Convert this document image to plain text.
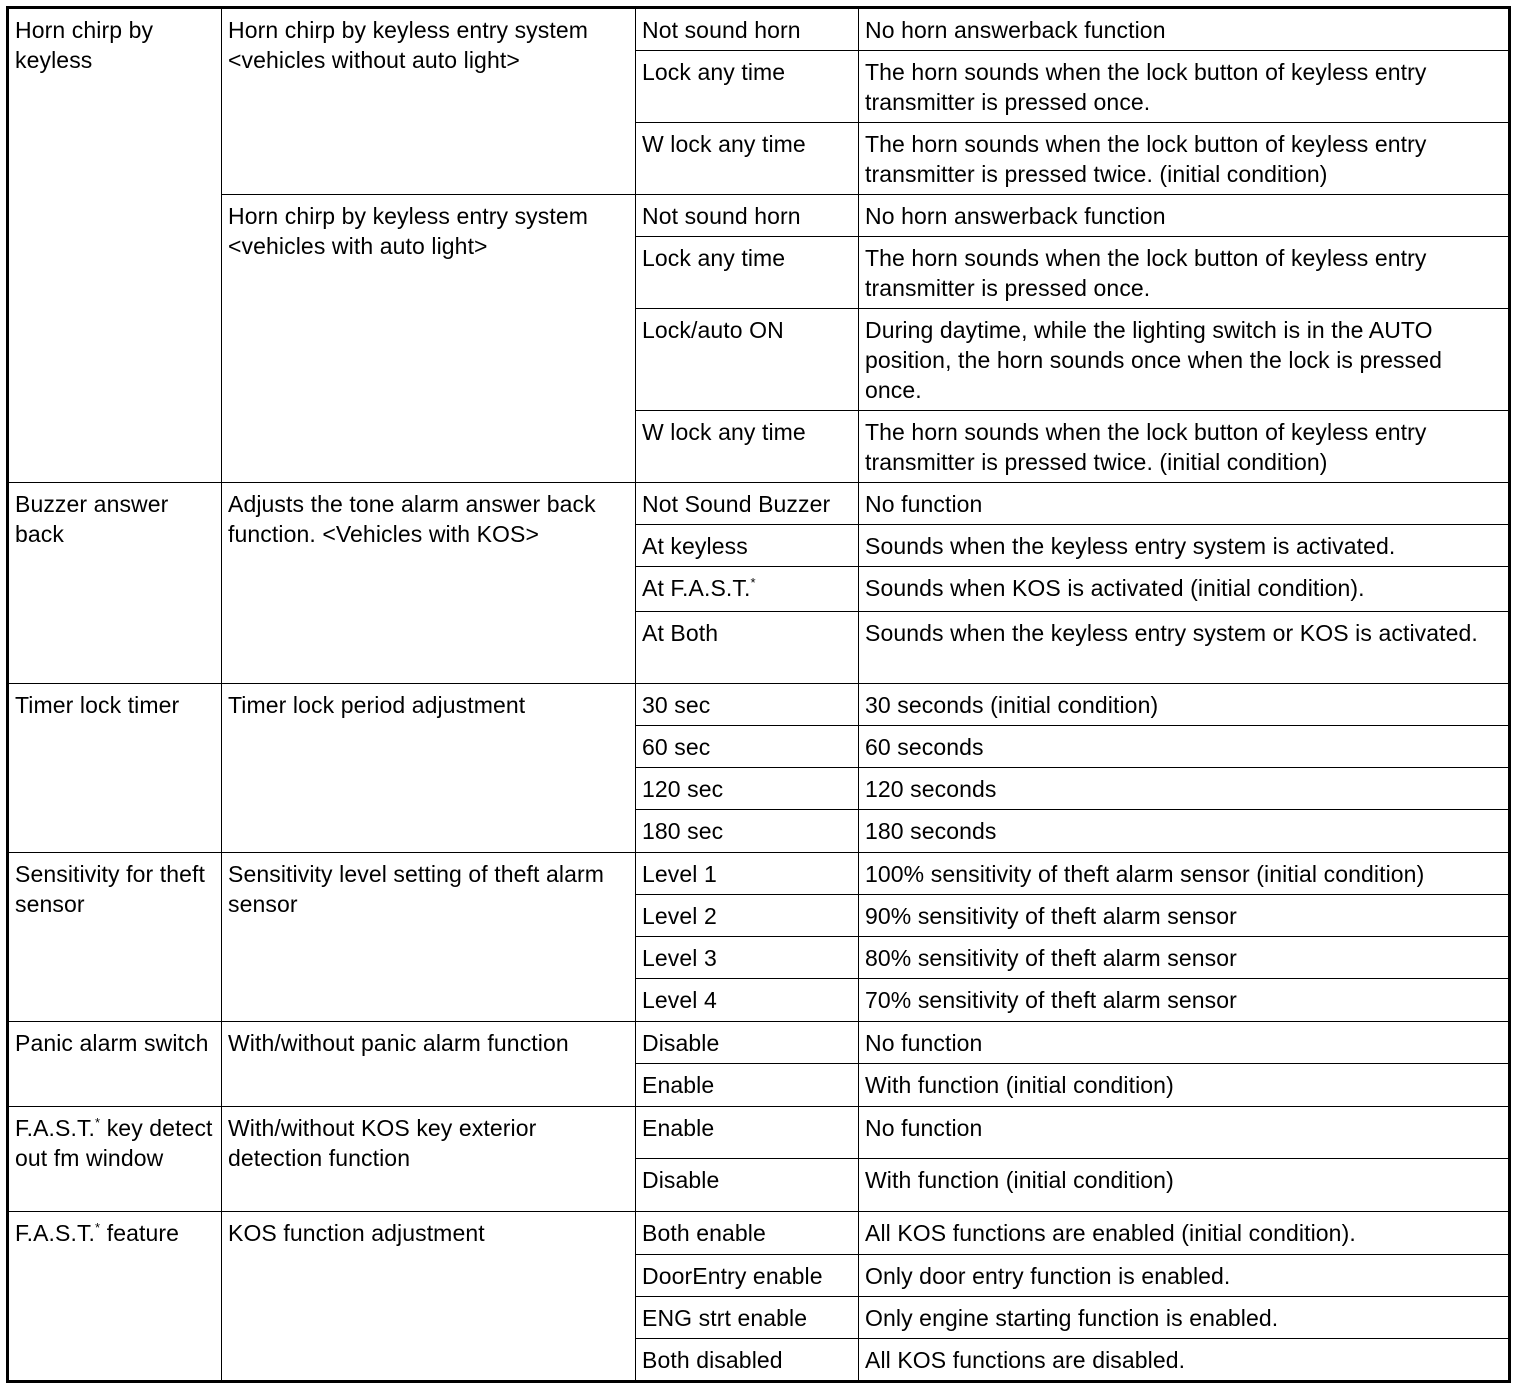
Horn chirp by keyless	Horn chirp by keyless entry system <vehicles without auto light>	Not sound horn	No horn answerback function
		Lock any time	The horn sounds when the lock button of keyless entry transmitter is pressed once.
		W lock any time	The horn sounds when the lock button of keyless entry transmitter is pressed twice. (initial condition)
	Horn chirp by keyless entry system <vehicles with auto light>	Not sound horn	No horn answerback function
		Lock any time	The horn sounds when the lock button of keyless entry transmitter is pressed once.
		Lock/auto ON	During daytime, while the lighting switch is in the AUTO position, the horn sounds once when the lock is pressed once.
		W lock any time	The horn sounds when the lock button of keyless entry transmitter is pressed twice. (initial condition)
Buzzer answer back	Adjusts the tone alarm answer back function. <Vehicles with KOS>	Not Sound Buzzer	No function
		At keyless	Sounds when the keyless entry system is activated.
		At F.A.S.T.*	Sounds when KOS is activated (initial condition).
		At Both	Sounds when the keyless entry system or KOS is activated.
Timer lock timer	Timer lock period adjustment	30 sec	30 seconds (initial condition)
		60 sec	60 seconds
		120 sec	120 seconds
		180 sec	180 seconds
Sensitivity for theft sensor	Sensitivity level setting of theft alarm sensor	Level 1	100% sensitivity of theft alarm sensor (initial condition)
		Level 2	90% sensitivity of theft alarm sensor
		Level 3	80% sensitivity of theft alarm sensor
		Level 4	70% sensitivity of theft alarm sensor
Panic alarm switch	With/without panic alarm function	Disable	No function
		Enable	With function (initial condition)
F.A.S.T.* key detect out fm window	With/without KOS key exterior detection function	Enable	No function
		Disable	With function (initial condition)
F.A.S.T.* feature	KOS function adjustment	Both enable	All KOS functions are enabled (initial condition).
		DoorEntry enable	Only door entry function is enabled.
		ENG strt enable	Only engine starting function is enabled.
		Both disabled	All KOS functions are disabled.
